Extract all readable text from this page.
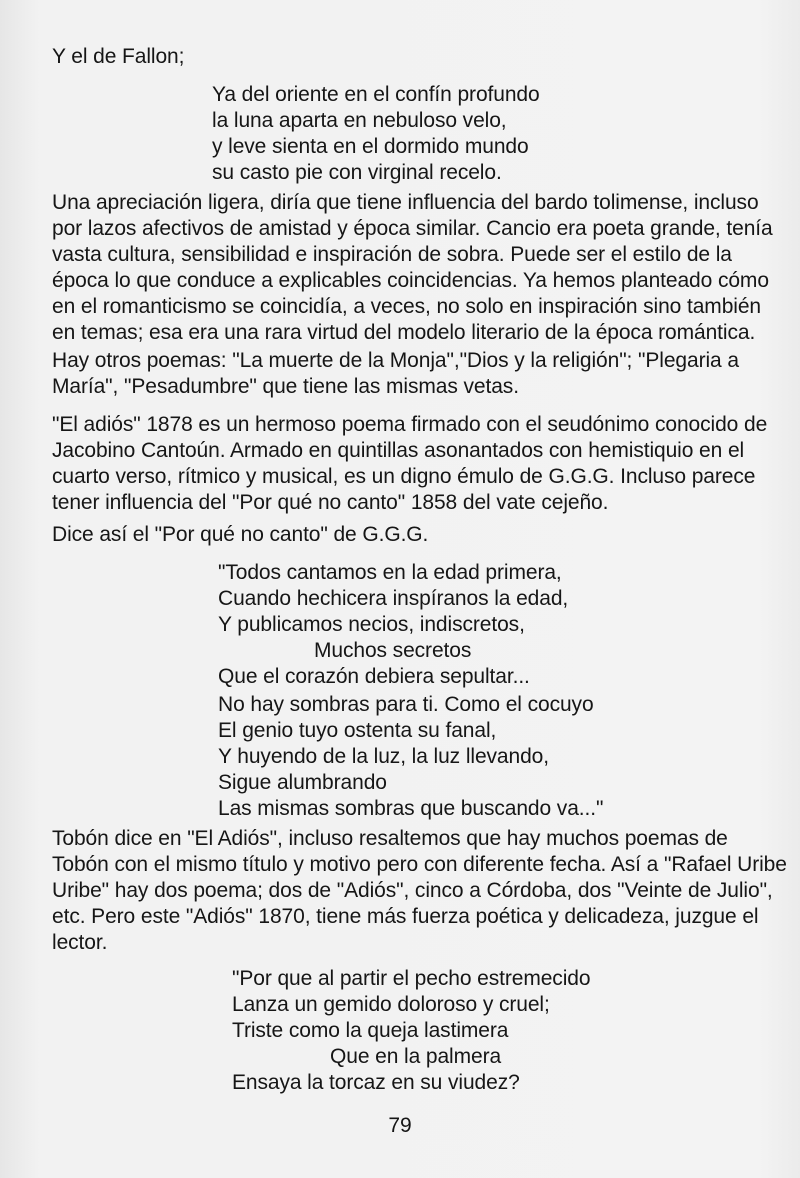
Y el de Fallon;
Ya del oriente en el confín profundo
la luna aparta en nebuloso velo,
y leve sienta en el dormido mundo
su casto pie con virginal recelo.
Una apreciación ligera, diría que tiene influencia del bardo tolimense, incluso
por lazos afectivos de amistad y época similar. Cancio era poeta grande, tenía
vasta cultura, sensibilidad e inspiración de sobra. Puede ser el estilo de la
época lo que conduce a explicables coincidencias. Ya hemos planteado cómo
en el romanticismo se coincidía, a veces, no solo en inspiración sino también
en temas; esa era una rara virtud del modelo literario de la época romántica.
Hay otros poemas: "La muerte de la Monja","Dios y la religión"; "Plegaria a
María", "Pesadumbre" que tiene las mismas vetas.
"El adiós" 1878 es un hermoso poema firmado con el seudónimo conocido de
Jacobino Cantoún. Armado en quintillas asonantados con hemistiquio en el
cuarto verso, rítmico y musical, es un digno émulo de G.G.G. Incluso parece
tener influencia del "Por qué no canto" 1858 del vate cejeño.
Dice así el "Por qué no canto" de G.G.G.
"Todos cantamos en la edad primera,
Cuando hechicera inspíranos la edad,
Y publicamos necios, indiscretos,
Muchos secretos
Que el corazón debiera sepultar...
No hay sombras para ti. Como el cocuyo
El genio tuyo ostenta su fanal,
Y huyendo de la luz, la luz llevando,
Sigue alumbrando
Las mismas sombras que buscando va..."
Tobón dice en "El Adiós", incluso resaltemos que hay muchos poemas de
Tobón con el mismo título y motivo pero con diferente fecha. Así a "Rafael Uribe
Uribe" hay dos poema; dos de "Adiós", cinco a Córdoba, dos "Veinte de Julio",
etc. Pero este "Adiós" 1870, tiene más fuerza poética y delicadeza, juzgue el
lector.
"Por que al partir el pecho estremecido
Lanza un gemido doloroso y cruel;
Triste como la queja lastimera
Que en la palmera
Ensaya la torcaz en su viudez?
79
